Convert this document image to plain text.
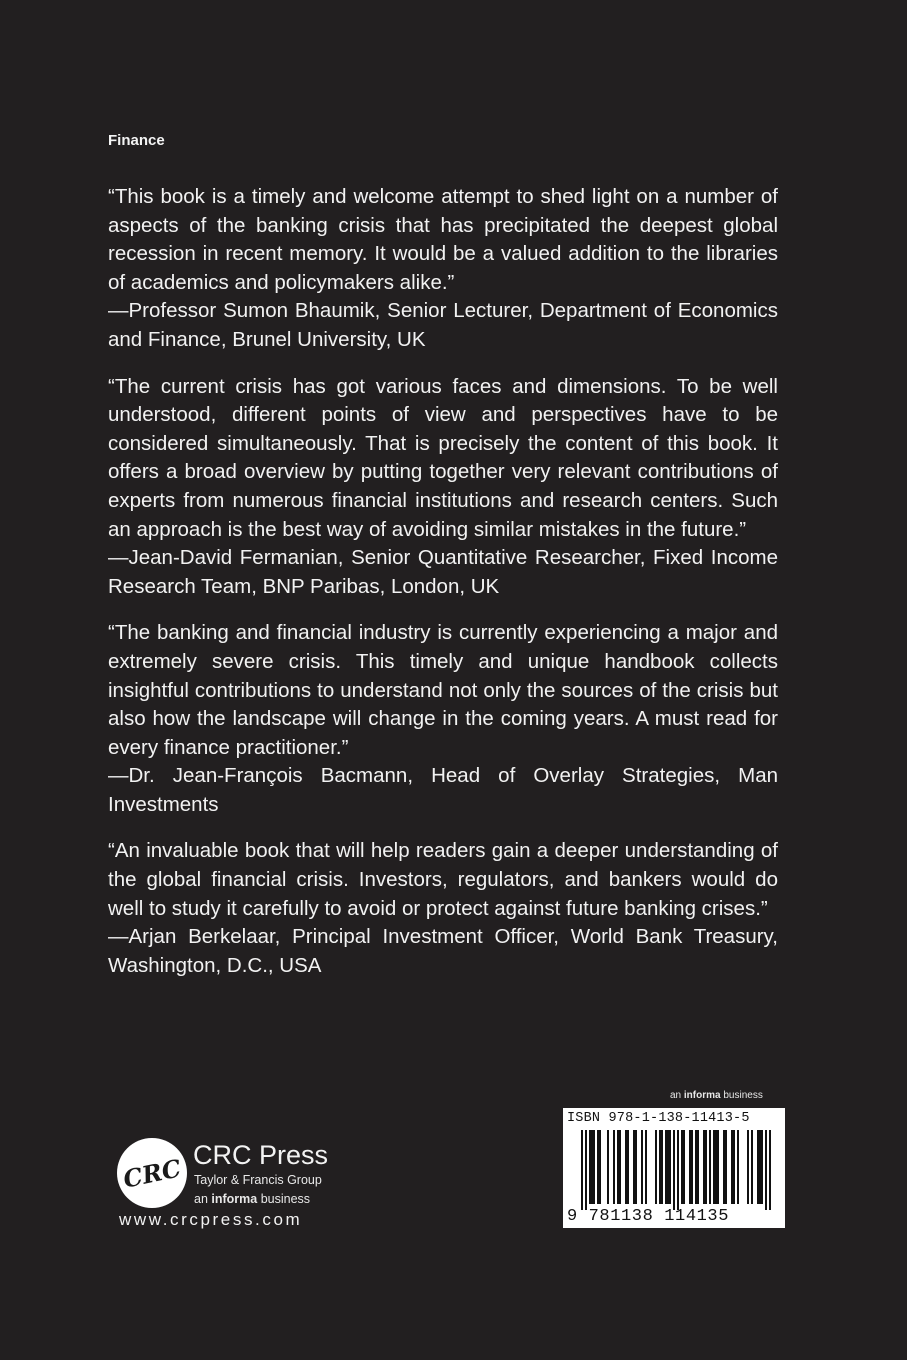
Finance

“This book is a timely and welcome attempt to shed light on a number of aspects of the banking crisis that has precipitated the deepest global recession in recent memory. It would be a valued addition to the libraries of academics and policymakers alike.”

—Professor Sumon Bhaumik, Senior Lecturer, Department of Economics and Finance, Brunel University, UK

“The current crisis has got various faces and dimensions. To be well understood, different points of view and perspectives have to be considered simultaneously. That is precisely the content of this book. It offers a broad overview by putting together very relevant contributions of experts from numerous financial institutions and research centers. Such an approach is the best way of avoiding similar mistakes in the future.”

—Jean-David Fermanian, Senior Quantitative Researcher, Fixed Income Research Team, BNP Paribas, London, UK

“The banking and financial industry is currently experiencing a major and extremely severe crisis. This timely and unique handbook collects insightful contributions to understand not only the sources of the crisis but also how the landscape will change in the coming years. A must read for every finance practitioner.”

—Dr. Jean-François Bacmann, Head of Overlay Strategies, Man Investments

“An invaluable book that will help readers gain a deeper understanding of the global financial crisis. Investors, regulators, and bankers would do well to study it carefully to avoid or protect against future banking crises.”

—Arjan Berkelaar, Principal Investment Officer, World Bank Treasury, Washington, D.C., USA

an informa business
ISBN 978-1-138-11413-5
9 781138 114135
CRC CRC Press
Taylor & Francis Group
an informa business
www.crcpress.com
